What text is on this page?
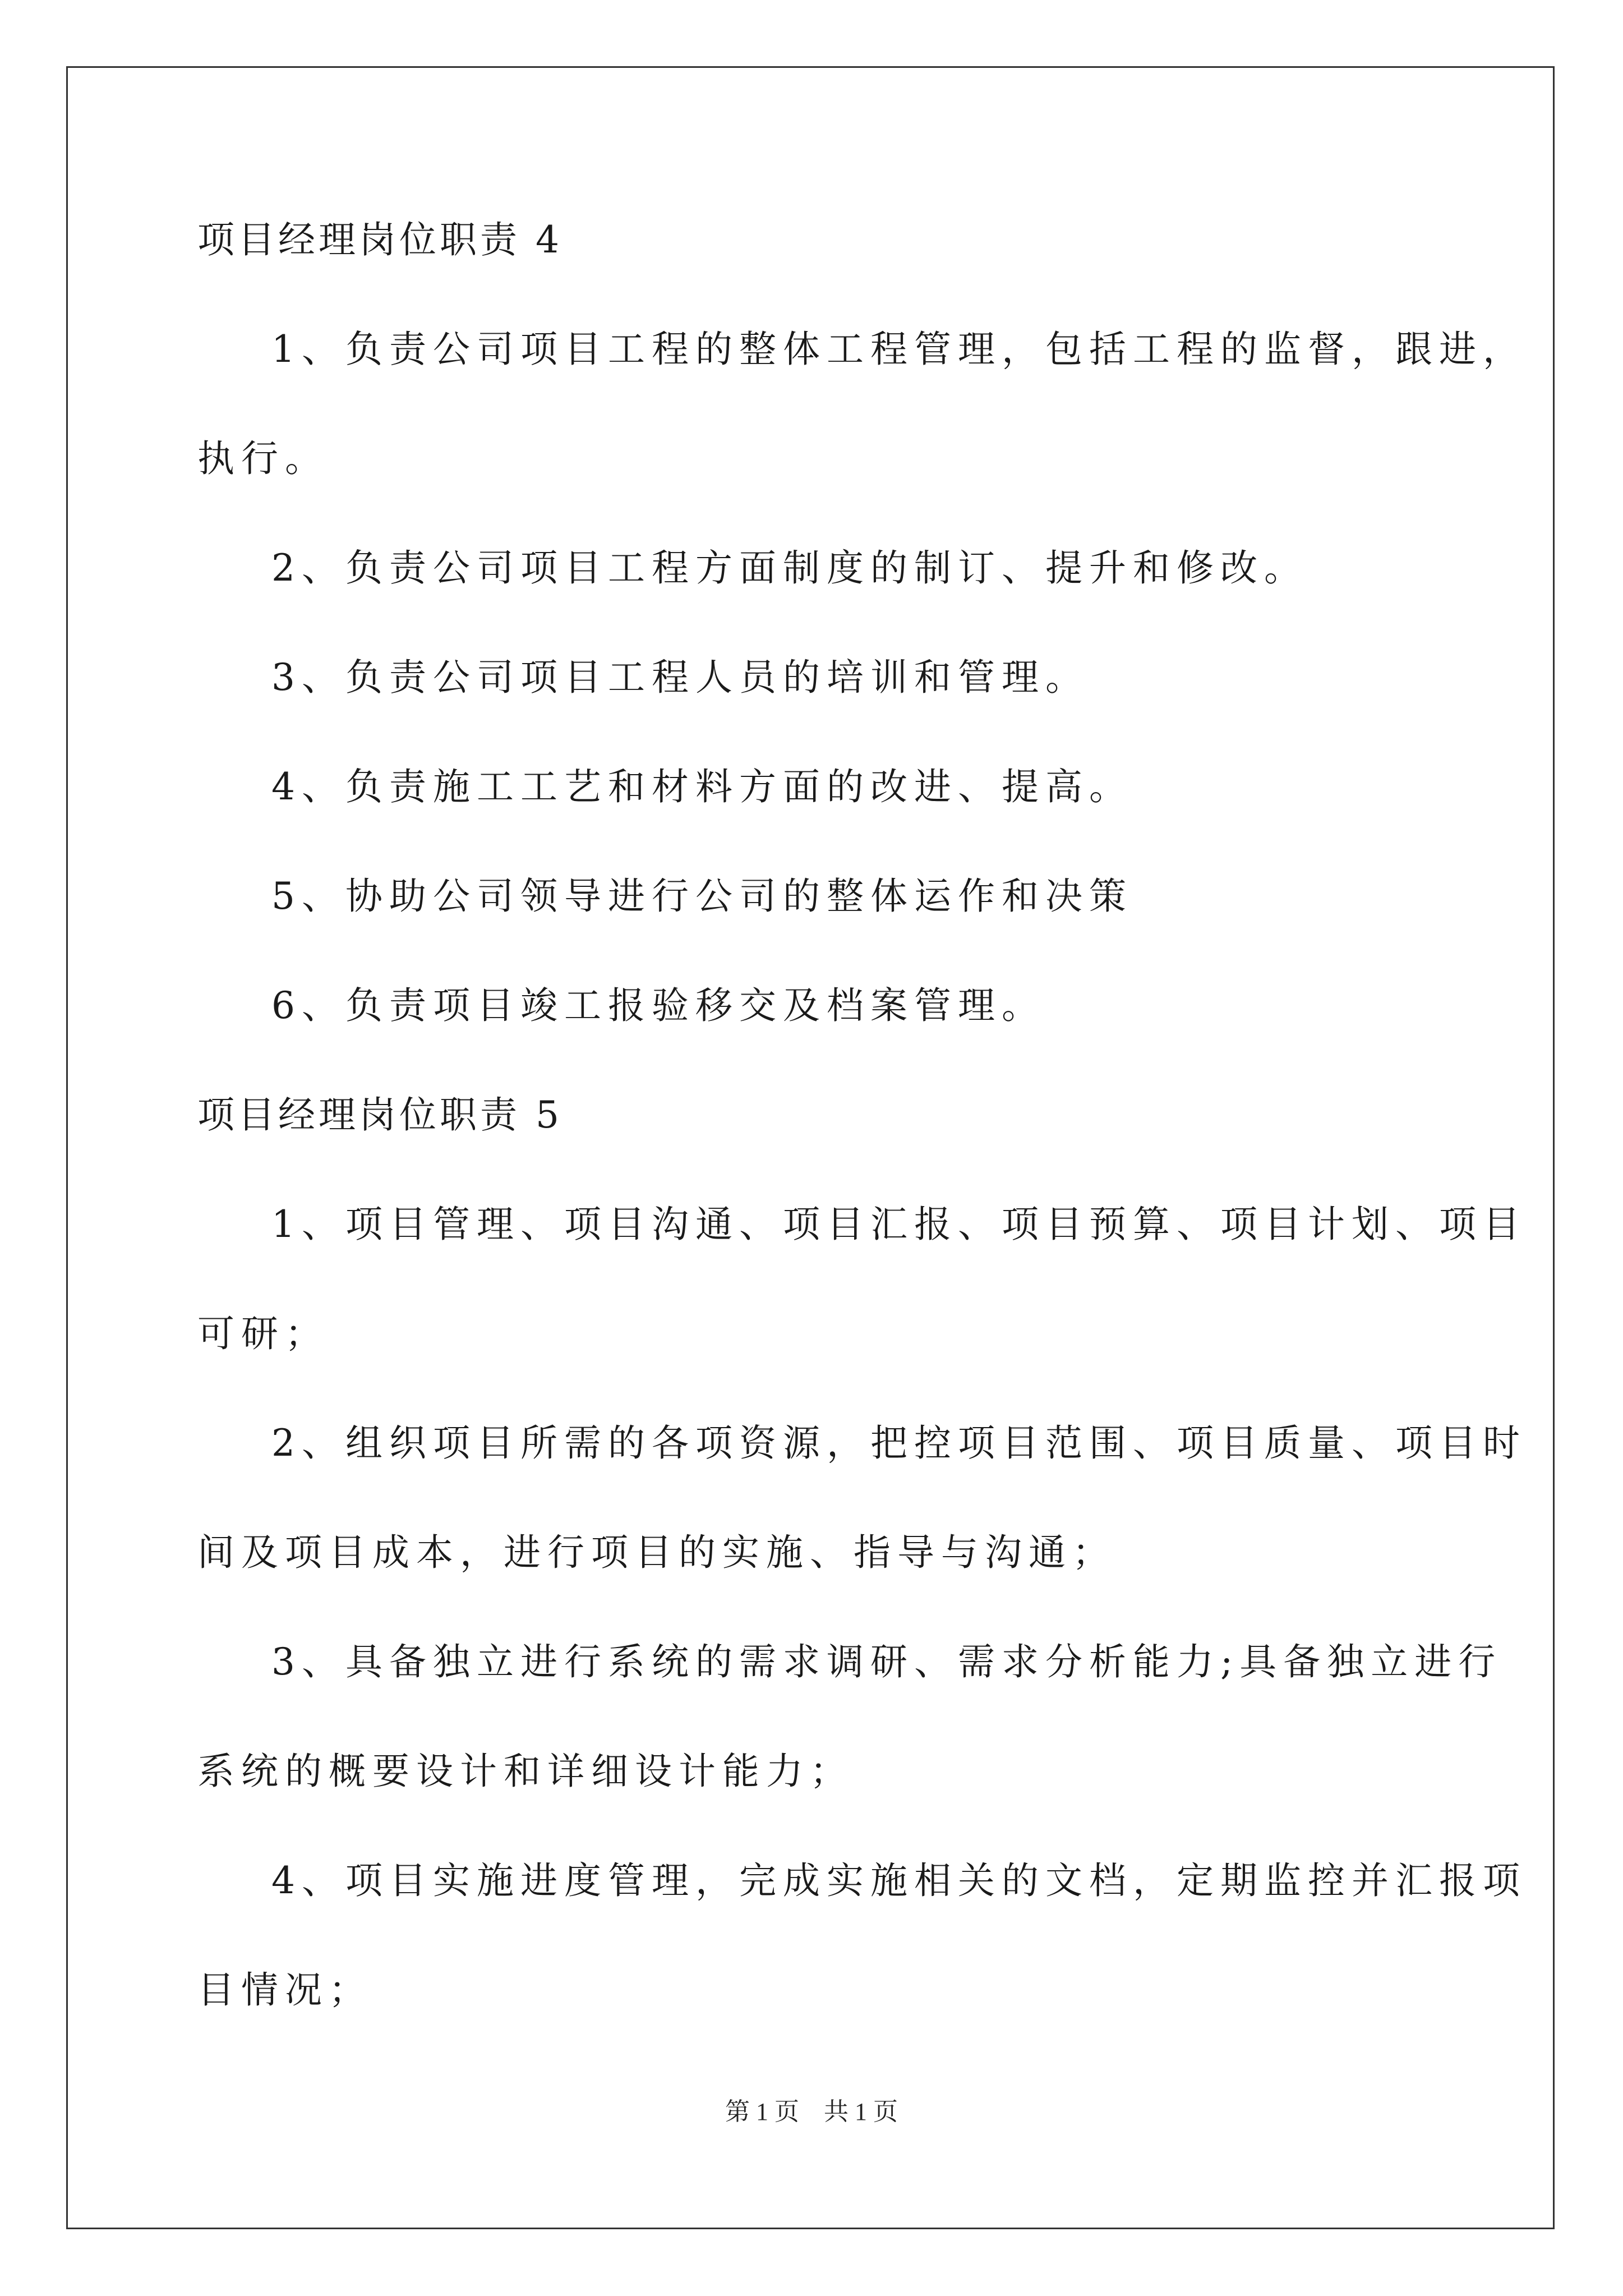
项目经理岗位职责 4

1、负责公司项目工程的整体工程管理，包括工程的监督，跟进，

执行。

2、负责公司项目工程方面制度的制订、提升和修改。

3、负责公司项目工程人员的培训和管理。

4、负责施工工艺和材料方面的改进、提高。

5、协助公司领导进行公司的整体运作和决策

6、负责项目竣工报验移交及档案管理。

项目经理岗位职责 5

1、项目管理、项目沟通、项目汇报、项目预算、项目计划、项目

可研；

2、组织项目所需的各项资源，把控项目范围、项目质量、项目时

间及项目成本，进行项目的实施、指导与沟通；

3、具备独立进行系统的需求调研、需求分析能力;具备独立进行

系统的概要设计和详细设计能力；

4、项目实施进度管理，完成实施相关的文档，定期监控并汇报项

目情况；

第 1 页　共 1 页
